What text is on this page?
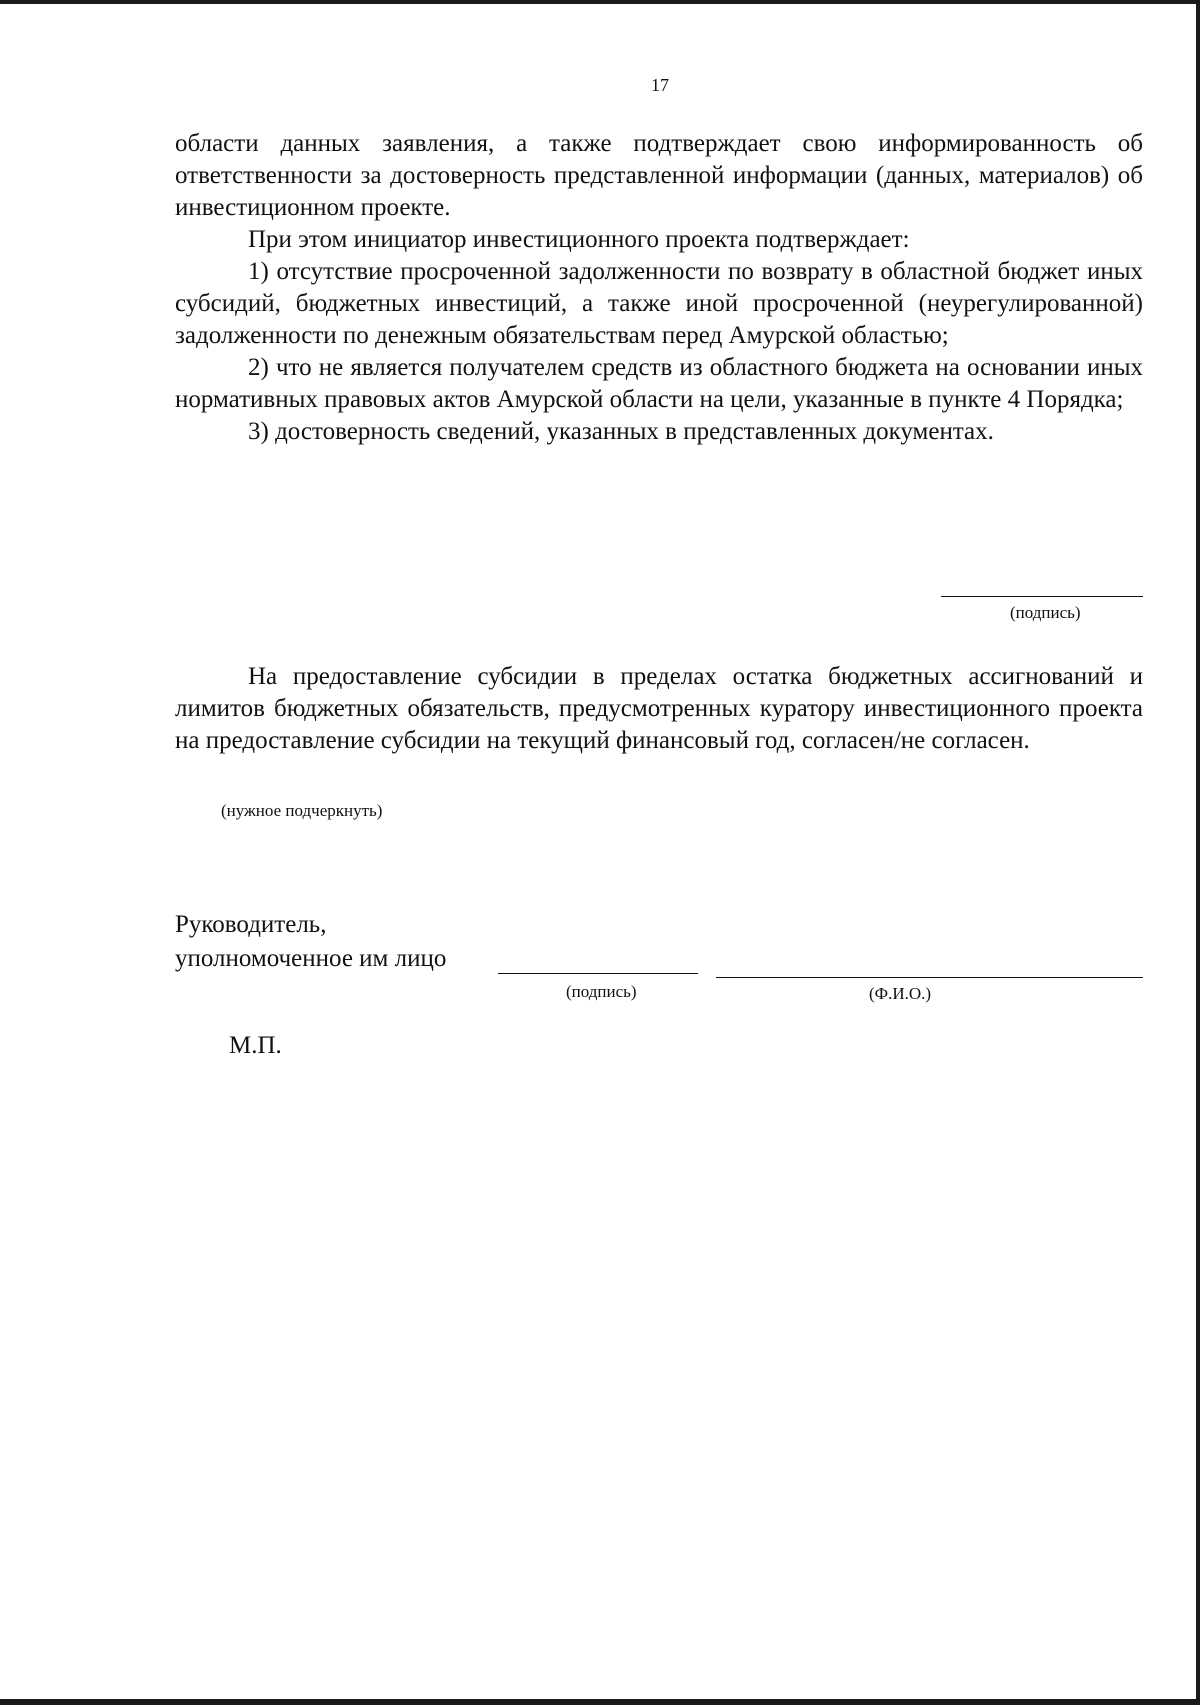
17

области данных заявления, а также подтверждает свою информированность об ответственности за достоверность представленной информации (данных, материалов) об инвестиционном проекте.

При этом инициатор инвестиционного проекта подтверждает:

1) отсутствие просроченной задолженности по возврату в областной бюджет иных субсидий, бюджетных инвестиций, а также иной просроченной (неурегулированной) задолженности по денежным обязательствам перед Амурской областью;

2) что не является получателем средств из областного бюджета на основании иных нормативных правовых актов Амурской области на цели, указанные в пункте 4 Порядка;

3) достоверность сведений, указанных в представленных документах.

(подпись)

На предоставление субсидии в пределах остатка бюджетных ассигнований и лимитов бюджетных обязательств, предусмотренных куратору инвестиционного проекта на предоставление субсидии на текущий финансовый год, согласен/не согласен.

(нужное подчеркнуть)
Руководитель,
уполномоченное им лицо
(подпись)	(Ф.И.О.)
М.П.
